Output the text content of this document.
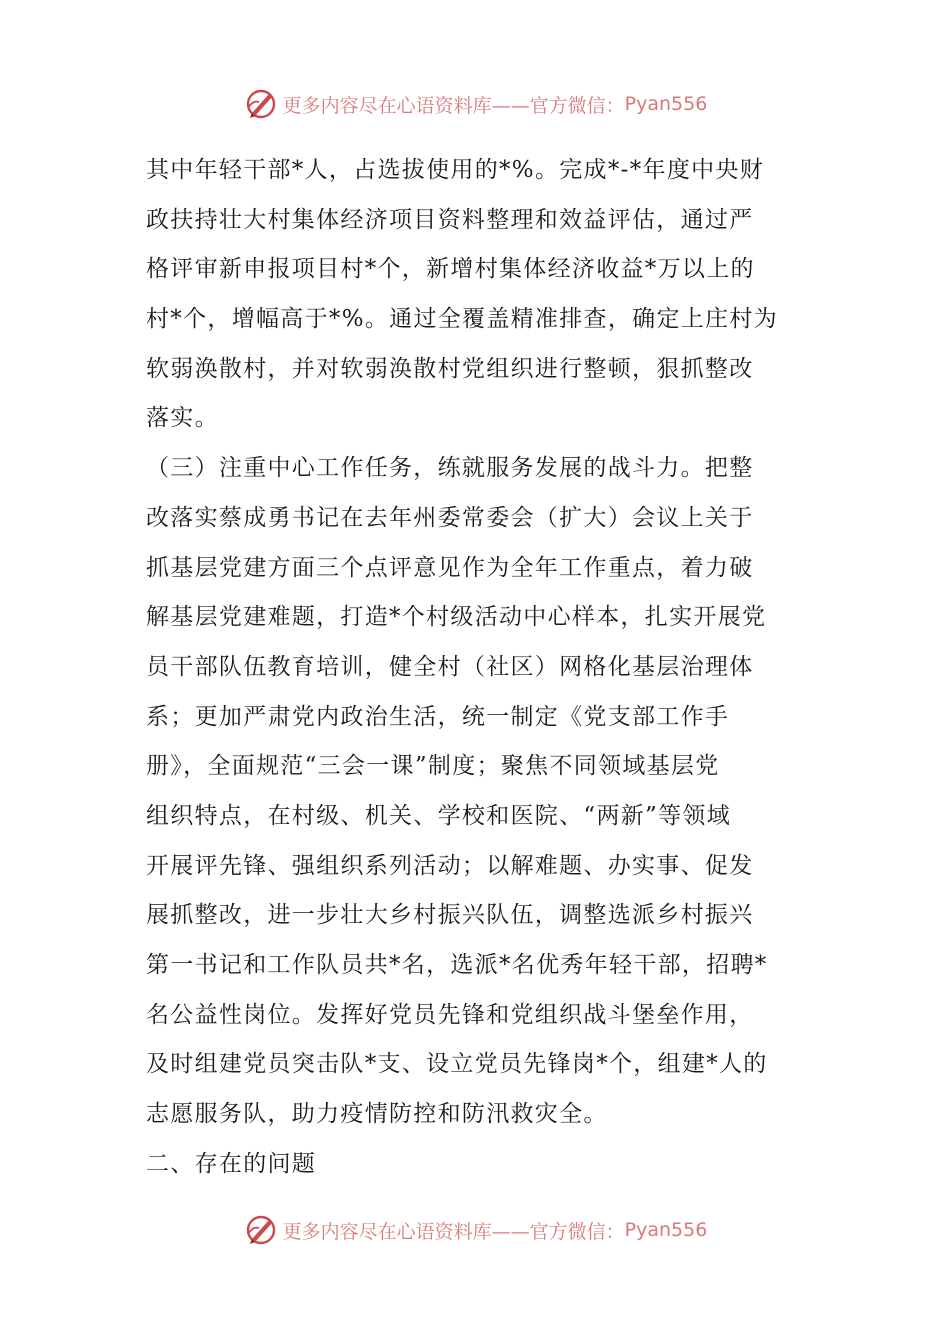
更多内容尽在心语资料库——官方微信： Pyan556
其中年轻干部*人，占选拔使用的*%。完成*-*年度中央财
政扶持壮大村集体经济项目资料整理和效益评估，通过严
格评审新申报项目村*个，新增村集体经济收益*万以上的
村*个，增幅高于*%。通过全覆盖精准排查，确定上庄村为
软弱涣散村，并对软弱涣散村党组织进行整顿，狠抓整改
落实。
（三）注重中心工作任务，练就服务发展的战斗力。把整
改落实蔡成勇书记在去年州委常委会（扩大）会议上关于
抓基层党建方面三个点评意见作为全年工作重点，着力破
解基层党建难题，打造*个村级活动中心样本，扎实开展党
员干部队伍教育培训，健全村（社区）网格化基层治理体
系；更加严肃党内政治生活，统一制定《党支部工作手
册》，全面规范“三会一课”制度；聚焦不同领域基层党
组织特点，在村级、机关、学校和医院、“两新”等领域
开展评先锋、强组织系列活动；以解难题、办实事、促发
展抓整改，进一步壮大乡村振兴队伍，调整选派乡村振兴
第一书记和工作队员共*名，选派*名优秀年轻干部，招聘*
名公益性岗位。发挥好党员先锋和党组织战斗堡垒作用，
及时组建党员突击队*支、设立党员先锋岗*个，组建*人的
志愿服务队，助力疫情防控和防汛救灾全。
二、存在的问题
更多内容尽在心语资料库——官方微信： Pyan556
